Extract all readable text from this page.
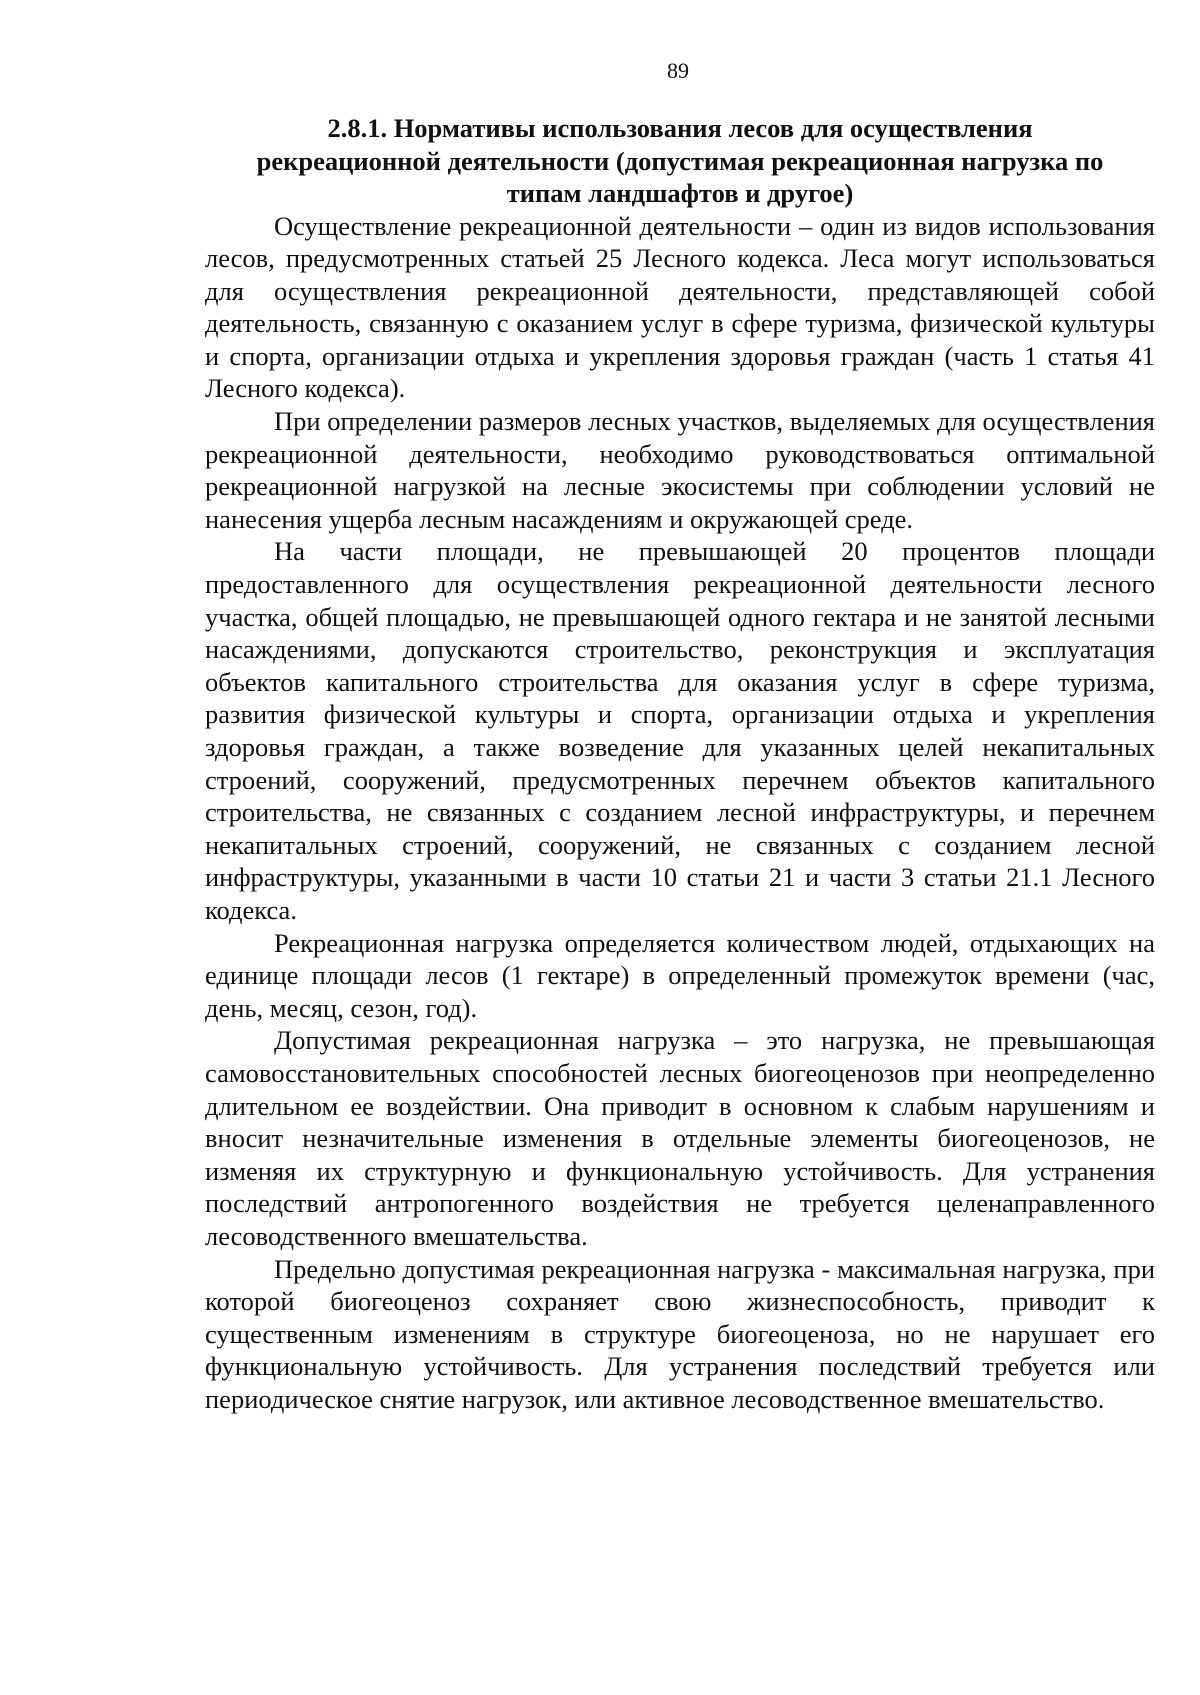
89
2.8.1. Нормативы использования лесов для осуществления
рекреационной деятельности (допустимая рекреационная нагрузка по
типам ландшафтов и другое)

Осуществление рекреационной деятельности – один из видов использования лесов, предусмотренных статьей 25 Лесного кодекса. Леса могут использоваться для осуществления рекреационной деятельности, представляющей собой деятельность, связанную с оказанием услуг в сфере туризма, физической культуры и спорта, организации отдыха и укрепления здоровья граждан (часть 1 статья 41 Лесного кодекса).

При определении размеров лесных участков, выделяемых для осуществления рекреационной деятельности, необходимо руководствоваться оптимальной рекреационной нагрузкой на лесные экосистемы при соблюдении условий не нанесения ущерба лесным насаждениям и окружающей среде.

На части площади, не превышающей 20 процентов площади предоставленного для осуществления рекреационной деятельности лесного участка, общей площадью, не превышающей одного гектара и не занятой лесными насаждениями, допускаются строительство, реконструкция и эксплуатация объектов капитального строительства для оказания услуг в сфере туризма, развития физической культуры и спорта, организации отдыха и укрепления здоровья граждан, а также возведение для указанных целей некапитальных строений, сооружений, предусмотренных перечнем объектов капитального строительства, не связанных с созданием лесной инфраструктуры, и перечнем некапитальных строений, сооружений, не связанных с созданием лесной инфраструктуры, указанными в части 10 статьи 21 и части 3 статьи 21.1 Лесного кодекса.

Рекреационная нагрузка определяется количеством людей, отдыхающих на единице площади лесов (1 гектаре) в определенный промежуток времени (час, день, месяц, сезон, год).

Допустимая рекреационная нагрузка – это нагрузка, не превышающая самовосстановительных способностей лесных биогеоценозов при неопределенно длительном ее воздействии. Она приводит в основном к слабым нарушениям и вносит незначительные изменения в отдельные элементы биогеоценозов, не изменяя их структурную и функциональную устойчивость. Для устранения последствий антропогенного воздействия не требуется целенаправленного лесоводственного вмешательства.

Предельно допустимая рекреационная нагрузка - максимальная нагрузка, при которой биогеоценоз сохраняет свою жизнеспособность, приводит к существенным изменениям в структуре биогеоценоза, но не нарушает его функциональную устойчивость. Для устранения последствий требуется или периодическое снятие нагрузок, или активное лесоводственное вмешательство.
